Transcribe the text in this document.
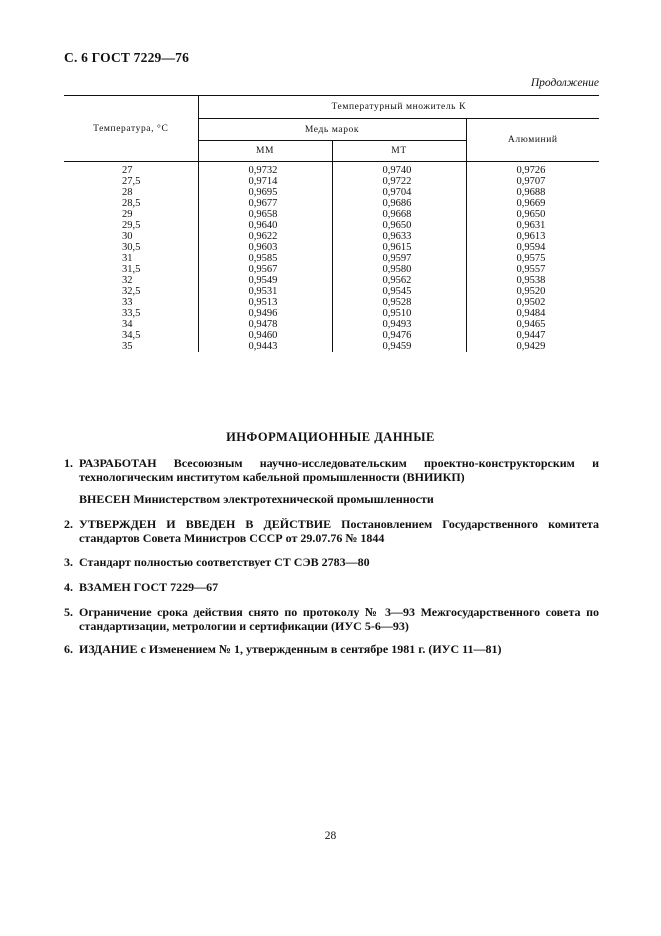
С. 6 ГОСТ 7229—76
Продолжение
Температура, °С	Температурный множитель К		
	Медь марок		Алюминий
	ММ	МТ	
27	0,9732	0,9740	0,9726
27,5	0,9714	0,9722	0,9707
28	0,9695	0,9704	0,9688
28,5	0,9677	0,9686	0,9669
29	0,9658	0,9668	0,9650
29,5	0,9640	0,9650	0,9631
30	0,9622	0,9633	0,9613
30,5	0,9603	0,9615	0,9594
31	0,9585	0,9597	0,9575
31,5	0,9567	0,9580	0,9557
32	0,9549	0,9562	0,9538
32,5	0,9531	0,9545	0,9520
33	0,9513	0,9528	0,9502
33,5	0,9496	0,9510	0,9484
34	0,9478	0,9493	0,9465
34,5	0,9460	0,9476	0,9447
35	0,9443	0,9459	0,9429
ИНФОРМАЦИОННЫЕ ДАННЫЕ
1. РАЗРАБОТАН Всесоюзным научно-исследовательским проектно-конструкторским и технологическим институтом кабельной промышленности (ВНИИКП)
ВНЕСЕН Министерством электротехнической промышленности
2. УТВЕРЖДЕН И ВВЕДЕН В ДЕЙСТВИЕ Постановлением Государственного комитета стандартов Совета Министров СССР от 29.07.76 № 1844
3. Стандарт полностью соответствует СТ СЭВ 2783—80
4. ВЗАМЕН ГОСТ 7229—67
5. Ограничение срока действия снято по протоколу № 3—93 Межгосударственного совета по стандартизации, метрологии и сертификации (ИУС 5-6—93)
6. ИЗДАНИЕ с Изменением № 1, утвержденным в сентябре 1981 г. (ИУС 11—81)
28
